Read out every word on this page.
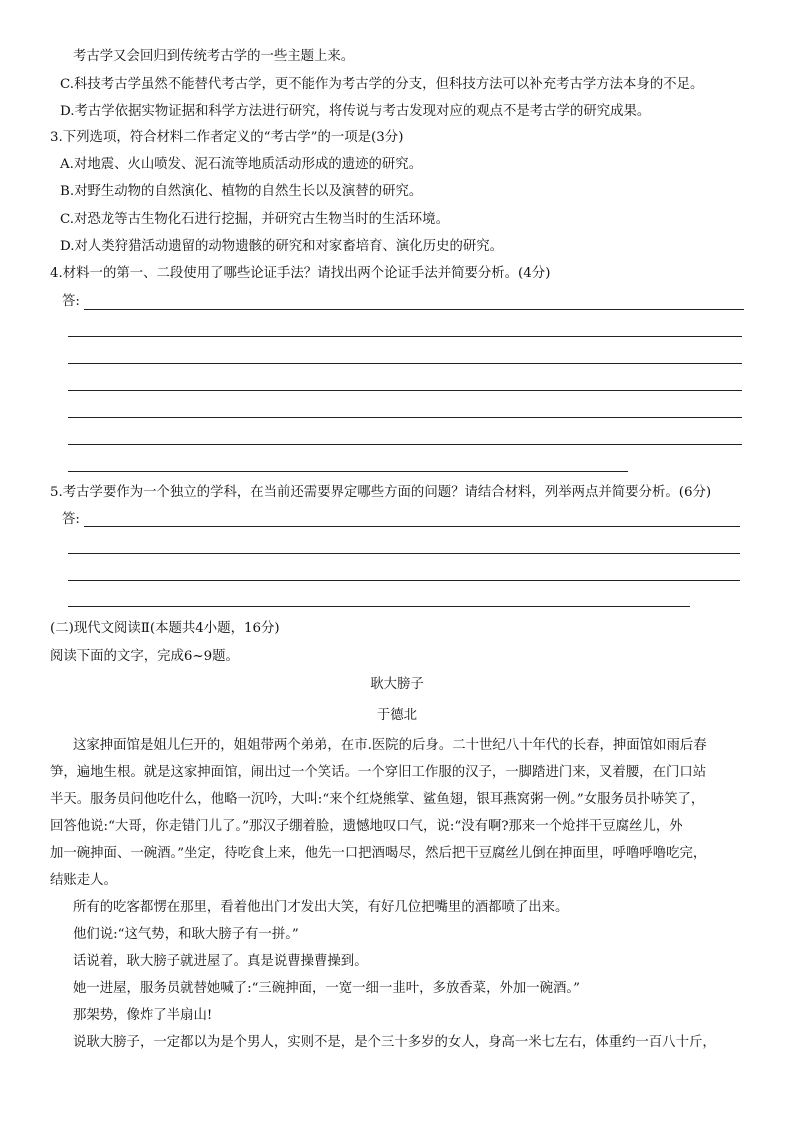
考古学又会回归到传统考古学的一些主题上来。
C.科技考古学虽然不能替代考古学，更不能作为考古学的分支，但科技方法可以补充考古学方法本身的不足。
D.考古学依据实物证据和科学方法进行研究，将传说与考古发现对应的观点不是考古学的研究成果。
3.下列选项，符合材料二作者定义的“考古学”的一项是(3分)
A.对地震、火山喷发、泥石流等地质活动形成的遗迹的研究。
B.对野生动物的自然演化、植物的自然生长以及演替的研究。
C.对恐龙等古生物化石进行挖掘，并研究古生物当时的生活环境。
D.对人类狩猎活动遗留的动物遗骸的研究和对家畜培育、演化历史的研究。
4.材料一的第一、二段使用了哪些论证手法？请找出两个论证手法并简要分析。(4分)
答:
5.考古学要作为一个独立的学科，在当前还需要界定哪些方面的问题？请结合材料，列举两点并简要分析。(6分)
答:
(二)现代文阅读Ⅱ(本题共4小题，16分)
阅读下面的文字，完成6~9题。
耿大膀子
于德北
这家抻面馆是姐儿仨开的，姐姐带两个弟弟，在市.医院的后身。二十世纪八十年代的长春，抻面馆如雨后春
笋，遍地生根。就是这家抻面馆，闹出过一个笑话。一个穿旧工作服的汉子，一脚踏进门来，叉着腰，在门口站
半天。服务员问他吃什么，他略一沉吟，大叫:“来个红烧熊掌、鲨鱼翅，银耳燕窝粥一例。”女服务员扑哧笑了，
回答他说:“大哥，你走错门儿了。”那汉子绷着脸，遗憾地叹口气，说:“没有啊?那来一个炝拌干豆腐丝儿，外
加一碗抻面、一碗酒。”坐定，待吃食上来，他先一口把酒喝尽，然后把干豆腐丝儿倒在抻面里，呼噜呼噜吃完，
结账走人。
所有的吃客都愣在那里，看着他出门才发出大笑，有好几位把嘴里的酒都喷了出来。
他们说:“这气势，和耿大膀子有一拼。”
话说着，耿大膀子就进屋了。真是说曹操曹操到。
她一进屋，服务员就替她喊了:“三碗抻面，一宽一细一韭叶，多放香菜，外加一碗酒。”
那架势，像炸了半扇山!
说耿大膀子，一定都以为是个男人，实则不是，是个三十多岁的女人，身高一米七左右，体重约一百八十斤，
